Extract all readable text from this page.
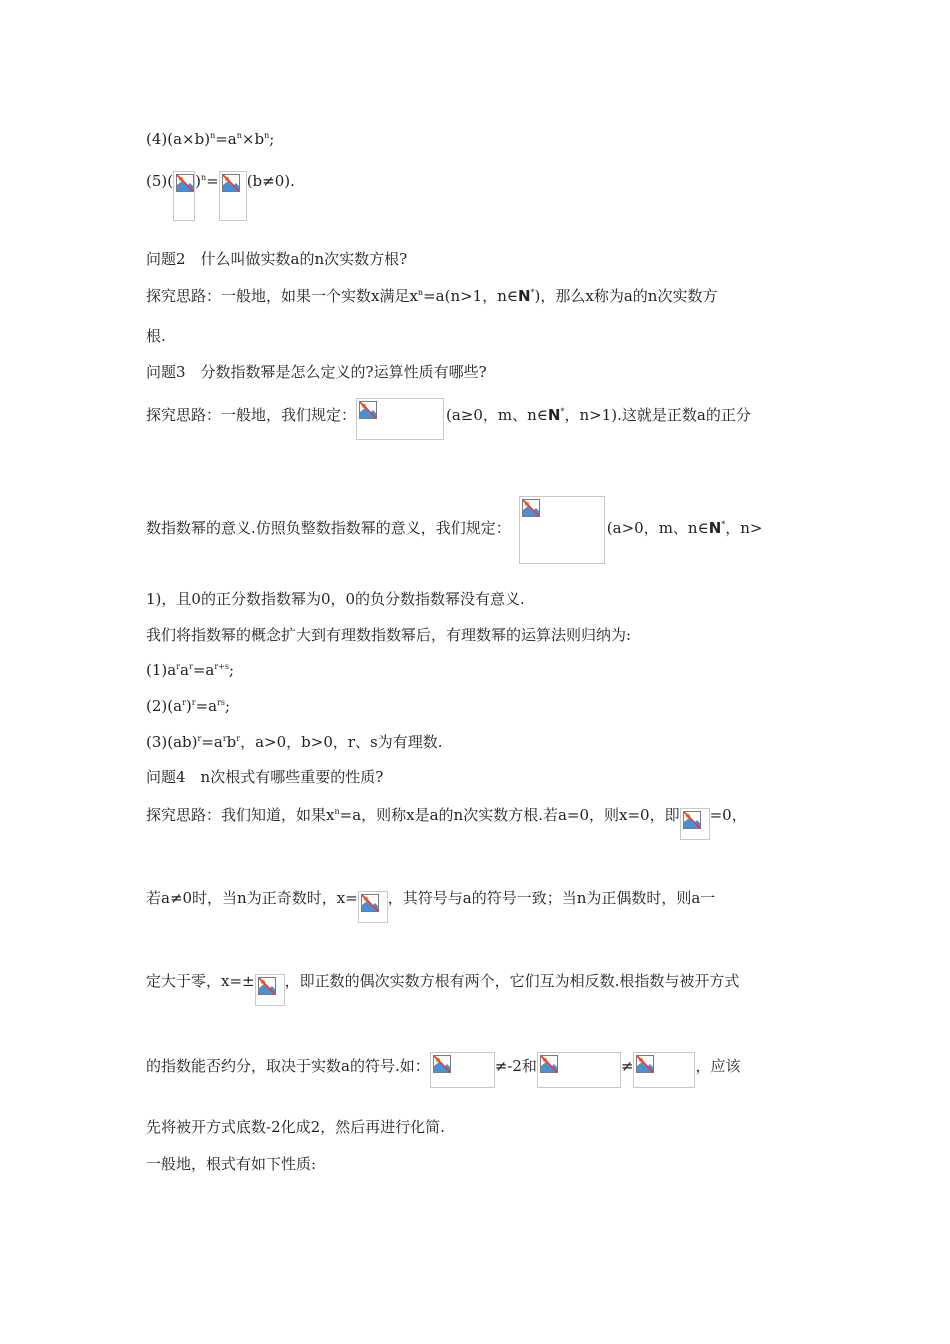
$(4)(a\times b)^n=a^n\times b^n$;
(5)( )$^n$= (b≠0).
问题2　什么叫做实数a的n次实数方根?
探究思路：一般地，如果一个实数x满足$x^n=a(n>1$，n∈N*)，那么x称为a的n次实数方
根.
问题3　分数指数幂是怎么定义的?运算性质有哪些?
探究思路：一般地，我们规定：	(a≥0，m、n∈N*，n>1).这就是正数a的正分
数指数幂的意义.仿照负整数指数幂的意义，我们规定：	(a>0，m、n∈N*，n>
1)，且0的正分数指数幂为0，0的负分数指数幂没有意义.
我们将指数幂的概念扩大到有理数指数幂后，有理数幂的运算法则归纳为:
$(1)a^ra^r=a^{r+s}$;
$(2)(a^r)^r=a^{rs}$;
$(3)(ab)^r=a^rb^r$，a>0，b>0，r、s为有理数.
问题4　n次根式有哪些重要的性质?
探究思路：我们知道，如果$x^n=a$，则称x是a的n次实数方根.若a=0，则x=0，即 =0，
若a≠0时，当n为正奇数时，x= ，其符号与a的符号一致；当n为正偶数时，则a一
定大于零，x=± ，即正数的偶次实数方根有两个，它们互为相反数.根指数与被开方式
的指数能否约分，取决于实数a的符号.如：	≠-2和	≠	，应该
先将被开方式底数-2化成2，然后再进行化简.
一般地，根式有如下性质:
